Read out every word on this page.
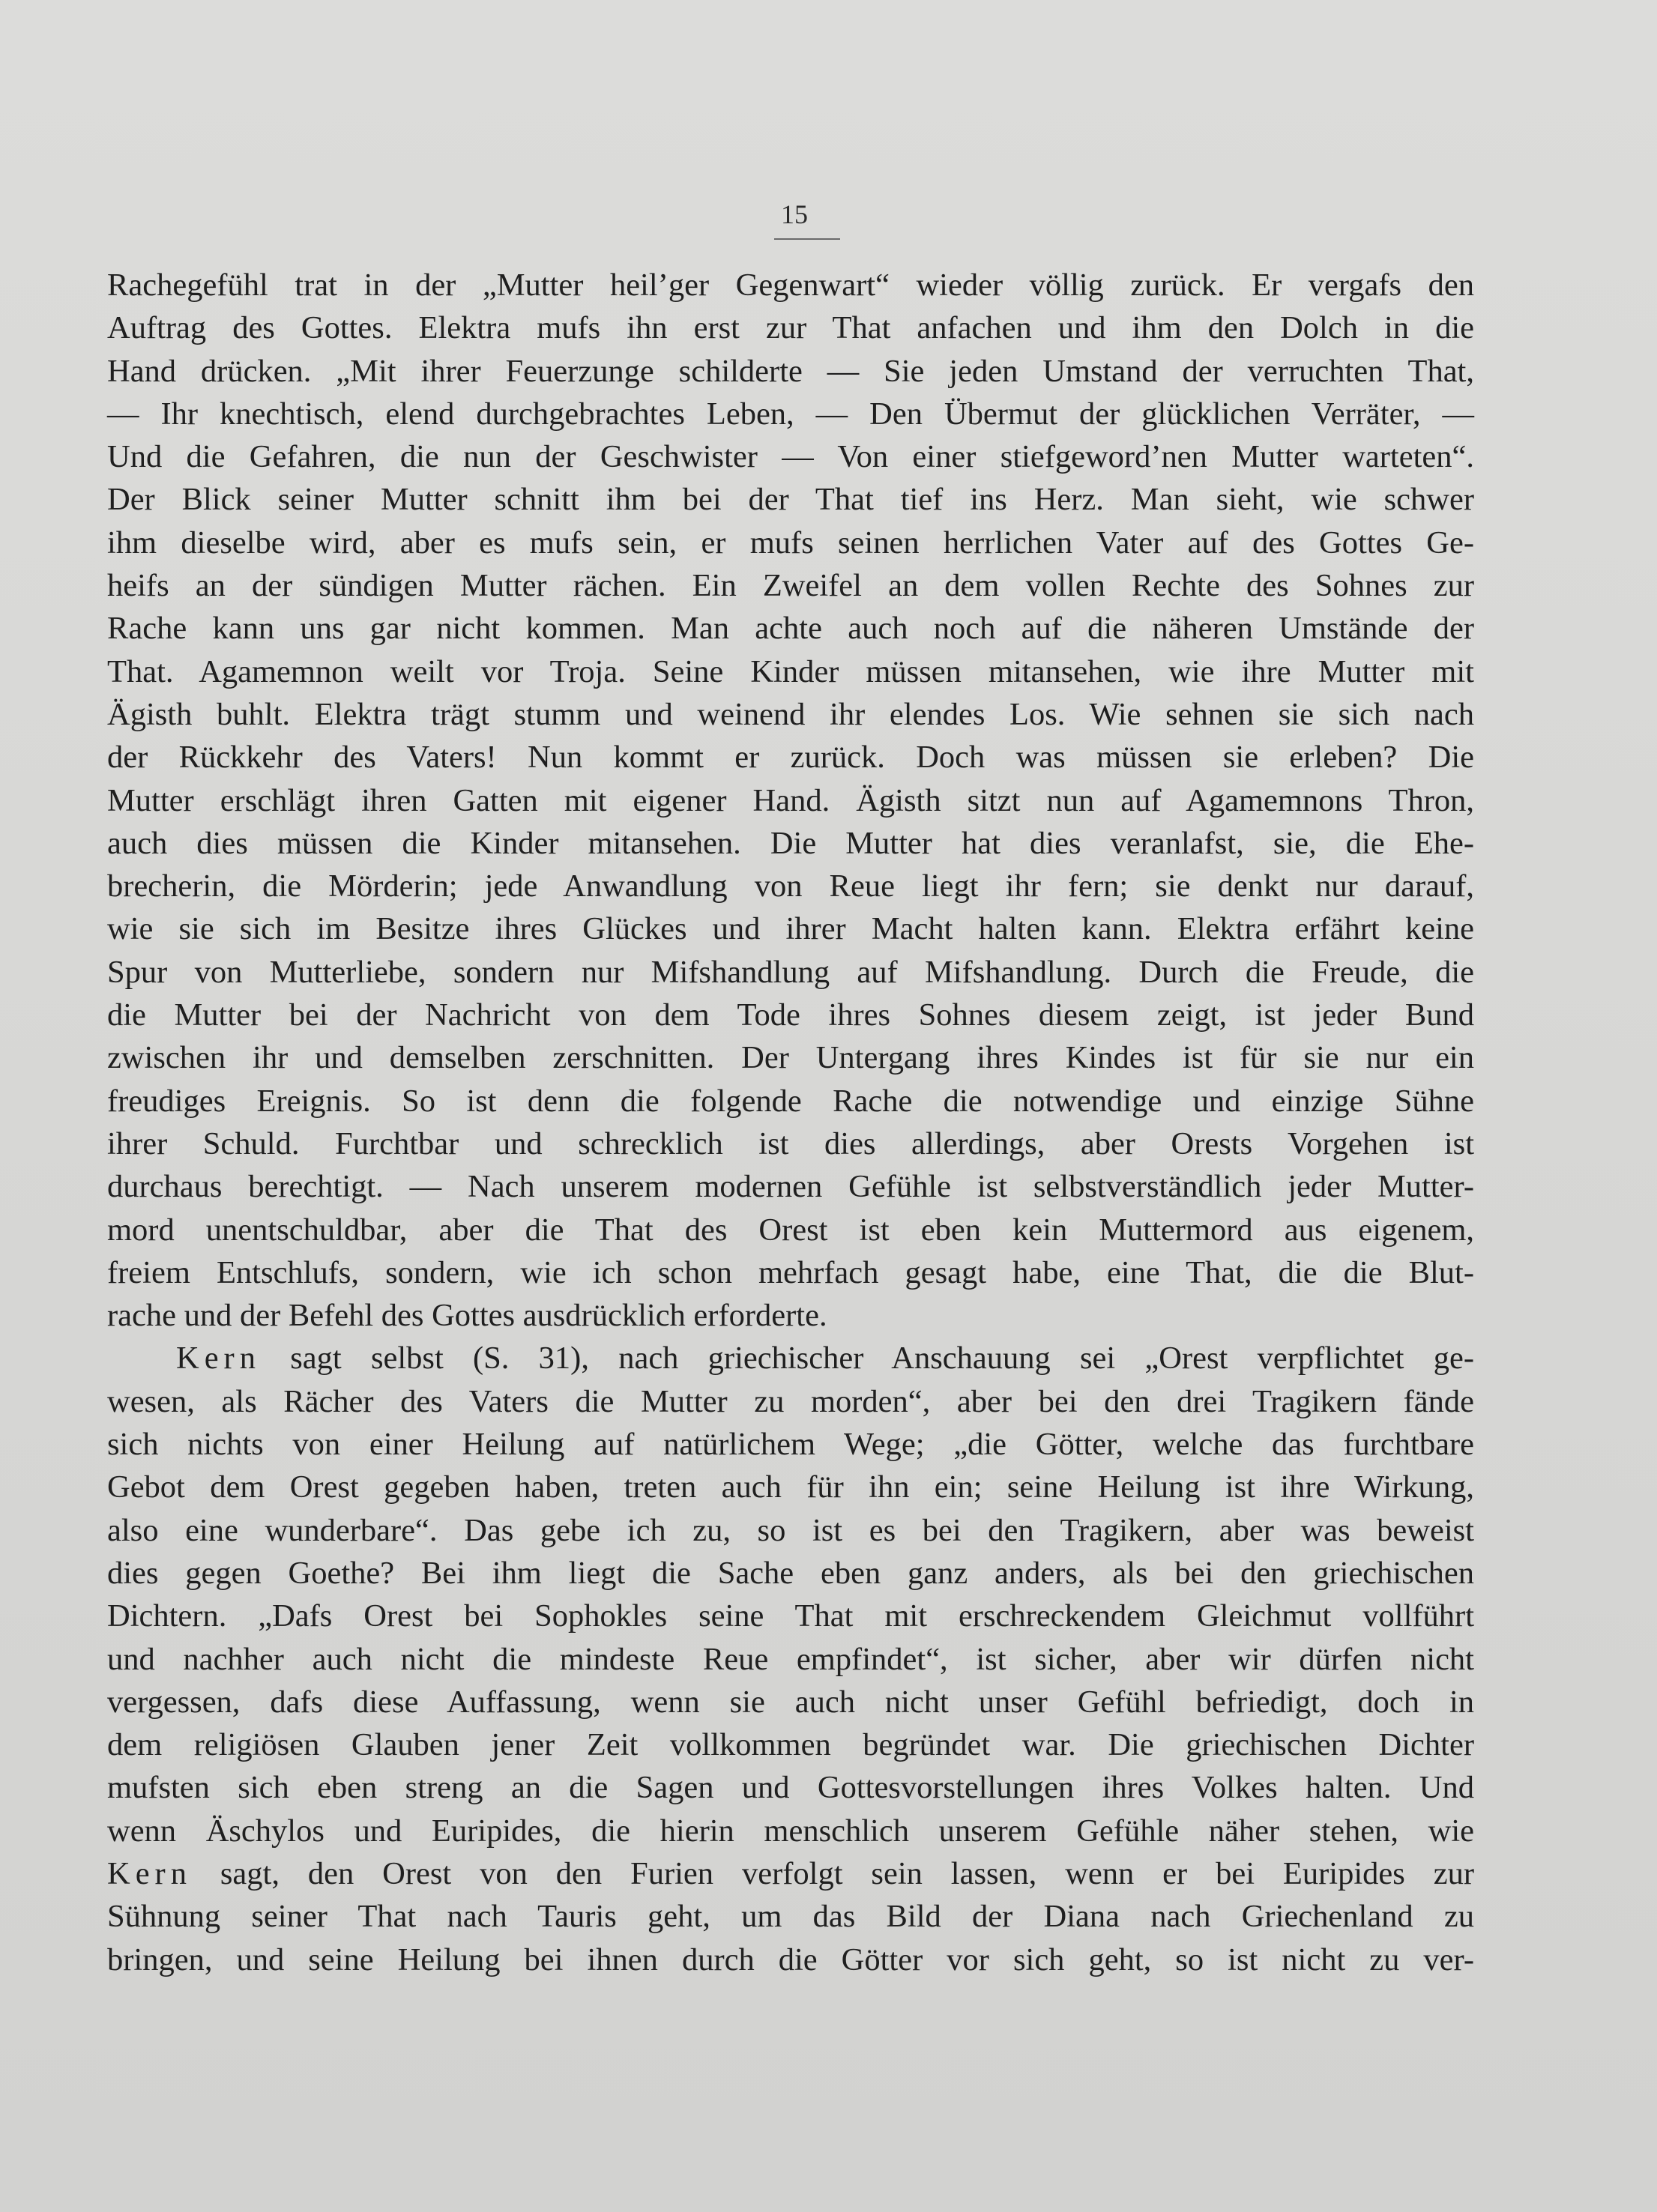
15
Rachegefühl trat in der „Mutter heil’ger Gegenwart“ wieder völlig zurück. Er vergafs den
Auftrag des Gottes. Elektra mufs ihn erst zur That anfachen und ihm den Dolch in die
Hand drücken. „Mit ihrer Feuerzunge schilderte — Sie jeden Umstand der verruchten That,
— Ihr knechtisch, elend durchgebrachtes Leben, — Den Übermut der glücklichen Verräter, —
Und die Gefahren, die nun der Geschwister — Von einer stiefgeword’nen Mutter warteten“.
Der Blick seiner Mutter schnitt ihm bei der That tief ins Herz. Man sieht, wie schwer
ihm dieselbe wird, aber es mufs sein, er mufs seinen herrlichen Vater auf des Gottes Ge-
heifs an der sündigen Mutter rächen. Ein Zweifel an dem vollen Rechte des Sohnes zur
Rache kann uns gar nicht kommen. Man achte auch noch auf die näheren Umstände der
That. Agamemnon weilt vor Troja. Seine Kinder müssen mitansehen, wie ihre Mutter mit
Ägisth buhlt. Elektra trägt stumm und weinend ihr elendes Los. Wie sehnen sie sich nach
der Rückkehr des Vaters! Nun kommt er zurück. Doch was müssen sie erleben? Die
Mutter erschlägt ihren Gatten mit eigener Hand. Ägisth sitzt nun auf Agamemnons Thron,
auch dies müssen die Kinder mitansehen. Die Mutter hat dies veranlafst, sie, die Ehe-
brecherin, die Mörderin; jede Anwandlung von Reue liegt ihr fern; sie denkt nur darauf,
wie sie sich im Besitze ihres Glückes und ihrer Macht halten kann. Elektra erfährt keine
Spur von Mutterliebe, sondern nur Mifshandlung auf Mifshandlung. Durch die Freude, die
die Mutter bei der Nachricht von dem Tode ihres Sohnes diesem zeigt, ist jeder Bund
zwischen ihr und demselben zerschnitten. Der Untergang ihres Kindes ist für sie nur ein
freudiges Ereignis. So ist denn die folgende Rache die notwendige und einzige Sühne
ihrer Schuld. Furchtbar und schrecklich ist dies allerdings, aber Orests Vorgehen ist
durchaus berechtigt. — Nach unserem modernen Gefühle ist selbstverständlich jeder Mutter-
mord unentschuldbar, aber die That des Orest ist eben kein Muttermord aus eigenem,
freiem Entschlufs, sondern, wie ich schon mehrfach gesagt habe, eine That, die die Blut-
rache und der Befehl des Gottes ausdrücklich erforderte.
Kern sagt selbst (S. 31), nach griechischer Anschauung sei „Orest verpflichtet ge-
wesen, als Rächer des Vaters die Mutter zu morden“, aber bei den drei Tragikern fände
sich nichts von einer Heilung auf natürlichem Wege; „die Götter, welche das furchtbare
Gebot dem Orest gegeben haben, treten auch für ihn ein; seine Heilung ist ihre Wirkung,
also eine wunderbare“. Das gebe ich zu, so ist es bei den Tragikern, aber was beweist
dies gegen Goethe? Bei ihm liegt die Sache eben ganz anders, als bei den griechischen
Dichtern. „Dafs Orest bei Sophokles seine That mit erschreckendem Gleichmut vollführt
und nachher auch nicht die mindeste Reue empfindet“, ist sicher, aber wir dürfen nicht
vergessen, dafs diese Auffassung, wenn sie auch nicht unser Gefühl befriedigt, doch in
dem religiösen Glauben jener Zeit vollkommen begründet war. Die griechischen Dichter
mufsten sich eben streng an die Sagen und Gottesvorstellungen ihres Volkes halten. Und
wenn Äschylos und Euripides, die hierin menschlich unserem Gefühle näher stehen, wie
Kern sagt, den Orest von den Furien verfolgt sein lassen, wenn er bei Euripides zur
Sühnung seiner That nach Tauris geht, um das Bild der Diana nach Griechenland zu
bringen, und seine Heilung bei ihnen durch die Götter vor sich geht, so ist nicht zu ver-
